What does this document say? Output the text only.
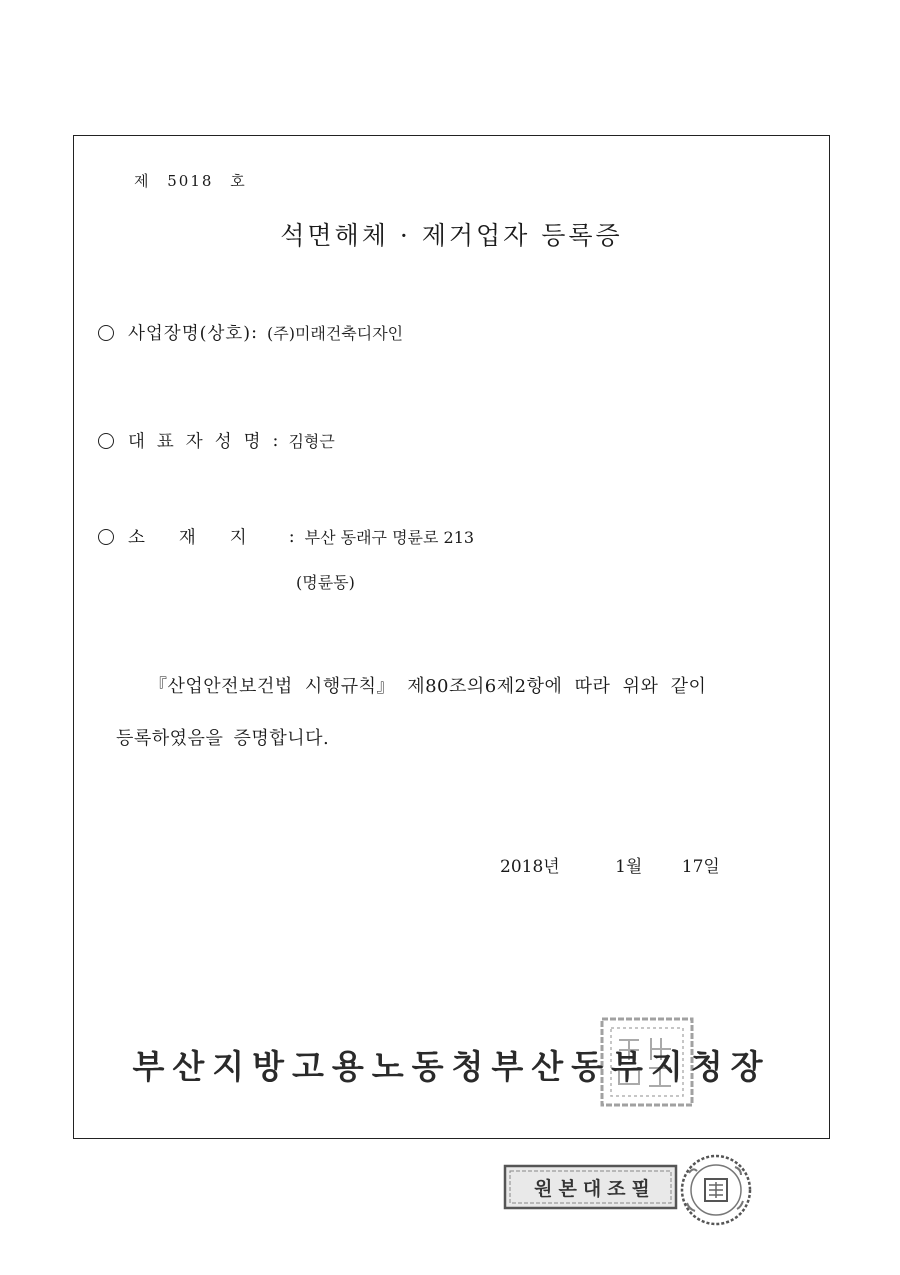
제 5018 호
석면해체 · 제거업자 등록증
사업장명(상호) : (주)미래건축디자인
대표자성명 : 김형근
소재지 : 부산 동래구 명륜로 213
(명륜동)
『산업안전보건법 시행규칙』 제80조의6제2항에 따라 위와 같이
등록하였음을 증명합니다.
2018년	1월 17일
부산지방고용노동청부산동부지청장
원본대조필
